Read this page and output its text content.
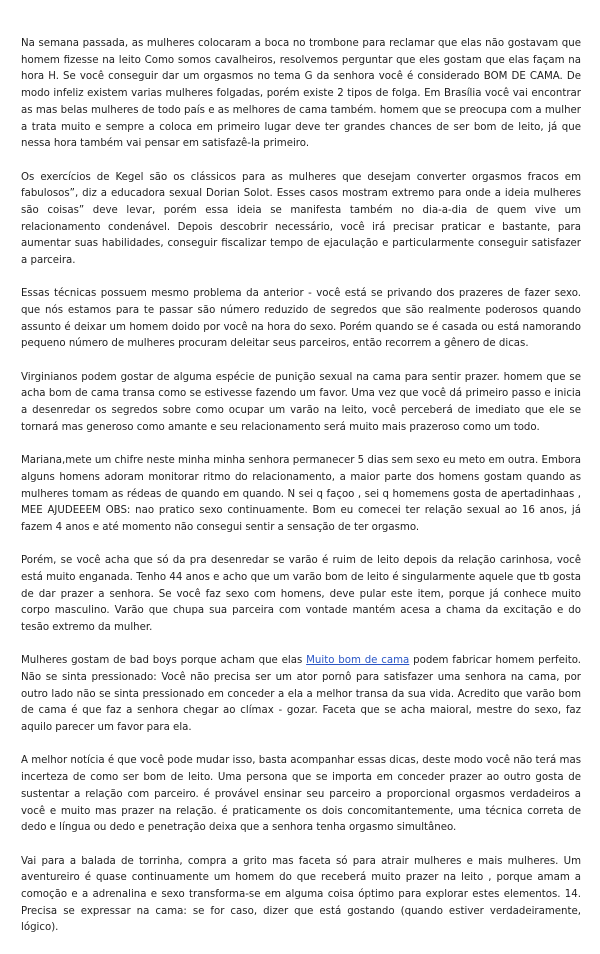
Na semana passada, as mulheres colocaram a boca no trombone para reclamar que elas não gostavam que homem fizesse na leito Como somos cavalheiros, resolvemos perguntar que eles gostam que elas façam na hora H. Se você conseguir dar um orgasmos no tema G da senhora você é considerado BOM DE CAMA. De modo infeliz existem varias mulheres folgadas, porém existe 2 tipos de folga. Em Brasília você vai encontrar as mas belas mulheres de todo país e as melhores de cama também. homem que se preocupa com a mulher a trata muito e sempre a coloca em primeiro lugar deve ter grandes chances de ser bom de leito, já que nessa hora também vai pensar em satisfazê-la primeiro.

Os exercícios de Kegel são os clássicos para as mulheres que desejam converter orgasmos fracos em fabulosos”, diz a educadora sexual Dorian Solot. Esses casos mostram extremo para onde a ideia mulheres são coisas” deve levar, porém essa ideia se manifesta também no dia-a-dia de quem vive um relacionamento condenável. Depois descobrir necessário, você irá precisar praticar e bastante, para aumentar suas habilidades, conseguir fiscalizar tempo de ejaculação e particularmente conseguir satisfazer a parceira.

Essas técnicas possuem mesmo problema da anterior - você está se privando dos prazeres de fazer sexo. que nós estamos para te passar são número reduzido de segredos que são realmente poderosos quando assunto é deixar um homem doido por você na hora do sexo. Porém quando se é casada ou está namorando pequeno número de mulheres procuram deleitar seus parceiros, então recorrem a gênero de dicas.

Virginianos podem gostar de alguma espécie de punição sexual na cama para sentir prazer. homem que se acha bom de cama transa como se estivesse fazendo um favor. Uma vez que você dá primeiro passo e inicia a desenredar os segredos sobre como ocupar um varão na leito, você perceberá de imediato que ele se tornará mas generoso como amante e seu relacionamento será muito mais prazeroso como um todo.

Mariana,mete um chifre neste minha minha senhora permanecer 5 dias sem sexo eu meto em outra. Embora alguns homens adoram monitorar ritmo do relacionamento, a maior parte dos homens gostam quando as mulheres tomam as rédeas de quando em quando. N sei q façoo , sei q homemens gosta de apertadinhaas , MEE AJUDEEEM OBS: nao pratico sexo continuamente. Bom eu comecei ter relação sexual ao 16 anos, já fazem 4 anos e até momento não consegui sentir a sensação de ter orgasmo.

Porém, se você acha que só da pra desenredar se varão é ruim de leito depois da relação carinhosa, você está muito enganada. Tenho 44 anos e acho que um varão bom de leito é singularmente aquele que tb gosta de dar prazer a senhora. Se você faz sexo com homens, deve pular este item, porque já conhece muito corpo masculino. Varão que chupa sua parceira com vontade mantém acesa a chama da excitação e do tesão extremo da mulher.

Mulheres gostam de bad boys porque acham que elas Muito bom de cama podem fabricar homem perfeito. Não se sinta pressionado: Você não precisa ser um ator pornô para satisfazer uma senhora na cama, por outro lado não se sinta pressionado em conceder a ela a melhor transa da sua vida. Acredito que varão bom de cama é que faz a senhora chegar ao clímax - gozar. Faceta que se acha maioral, mestre do sexo, faz aquilo parecer um favor para ela.

A melhor notícia é que você pode mudar isso, basta acompanhar essas dicas, deste modo você não terá mas incerteza de como ser bom de leito. Uma persona que se importa em conceder prazer ao outro gosta de sustentar a relação com parceiro. é provável ensinar seu parceiro a proporcional orgasmos verdadeiros a você e muito mas prazer na relação. é praticamente os dois concomitantemente, uma técnica correta de dedo e língua ou dedo e penetração deixa que a senhora tenha orgasmo simultâneo.

Vai para a balada de torrinha, compra a grito mas faceta só para atrair mulheres e mais mulheres. Um aventureiro é quase continuamente um homem do que receberá muito prazer na leito , porque amam a comoção e a adrenalina e sexo transforma-se em alguma coisa óptimo para explorar estes elementos. 14. Precisa se expressar na cama: se for caso, dizer que está gostando (quando estiver verdadeiramente, lógico).
